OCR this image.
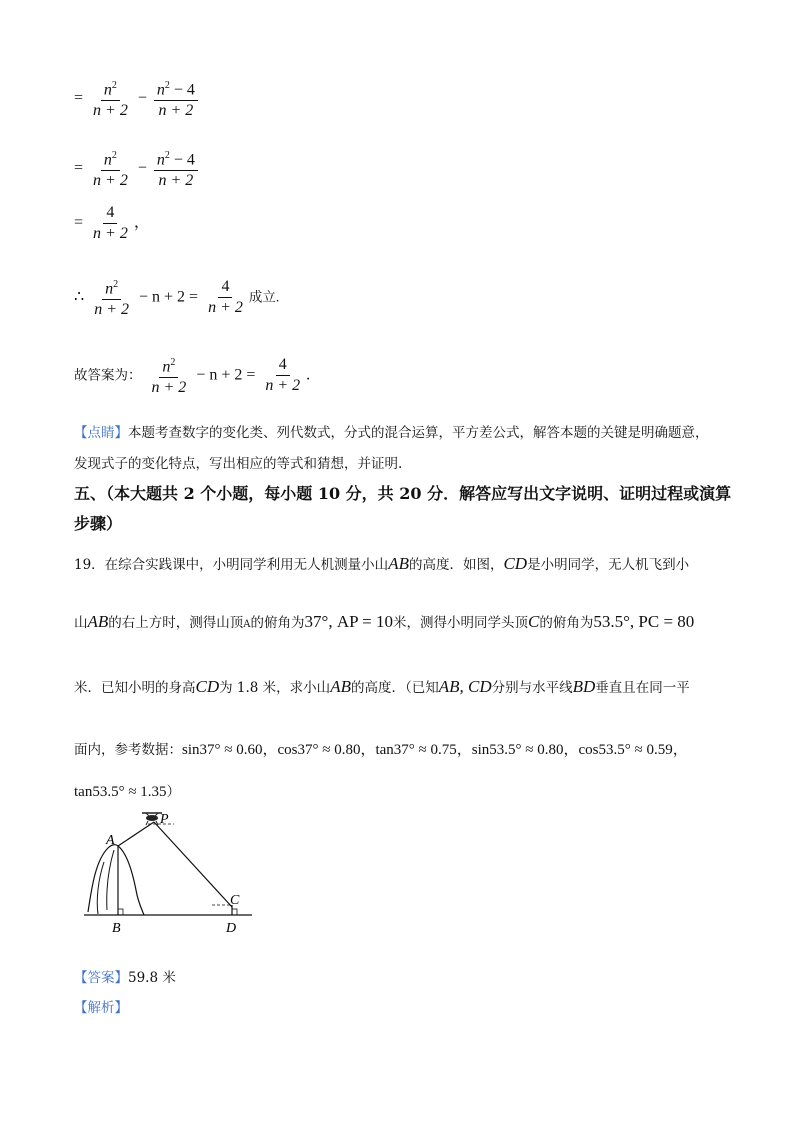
= $\frac{n^2}{n + 2} - \frac{n^2 - 4}{n + 2}$
= $\frac{n^2}{n + 2} - \frac{n^2 - 4}{n + 2}$
= $\frac{4}{n + 2}$ ，
∴ $\frac{n^2}{n + 2} - n + 2 = \frac{4}{n + 2}$ 成立.
故答案为： $\frac{n^2}{n + 2} - n + 2 = \frac{4}{n + 2}$ .
【点睛】本题考查数字的变化类、列代数式，分式的混合运算，平方差公式，解答本题的关键是明确题意，
发现式子的变化特点，写出相应的等式和猜想，并证明.
五、（本大题共 2 个小题，每小题 10 分，共 20 分．解答应写出文字说明、证明过程或演算
步骤）
19．在综合实践课中，小明同学利用无人机测量小山AB的高度．如图，CD是小明同学，无人机飞到小
山AB的右上方时，测得山顶A的俯角为37°, AP = 10米，测得小明同学头顶C的俯角为53.5°, PC = 80
米．已知小明的身高CD为 1.8 米，求小山AB的高度．（已知AB, CD分别与水平线BD垂直且在同一平
面内，参考数据：sin37° ≈ 0.60，cos37° ≈ 0.80，tan37° ≈ 0.75，sin53.5° ≈ 0.80，cos53.5° ≈ 0.59，
tan53.5° ≈ 1.35）
A
P
C
B	D
【答案】59.8 米
【解析】
